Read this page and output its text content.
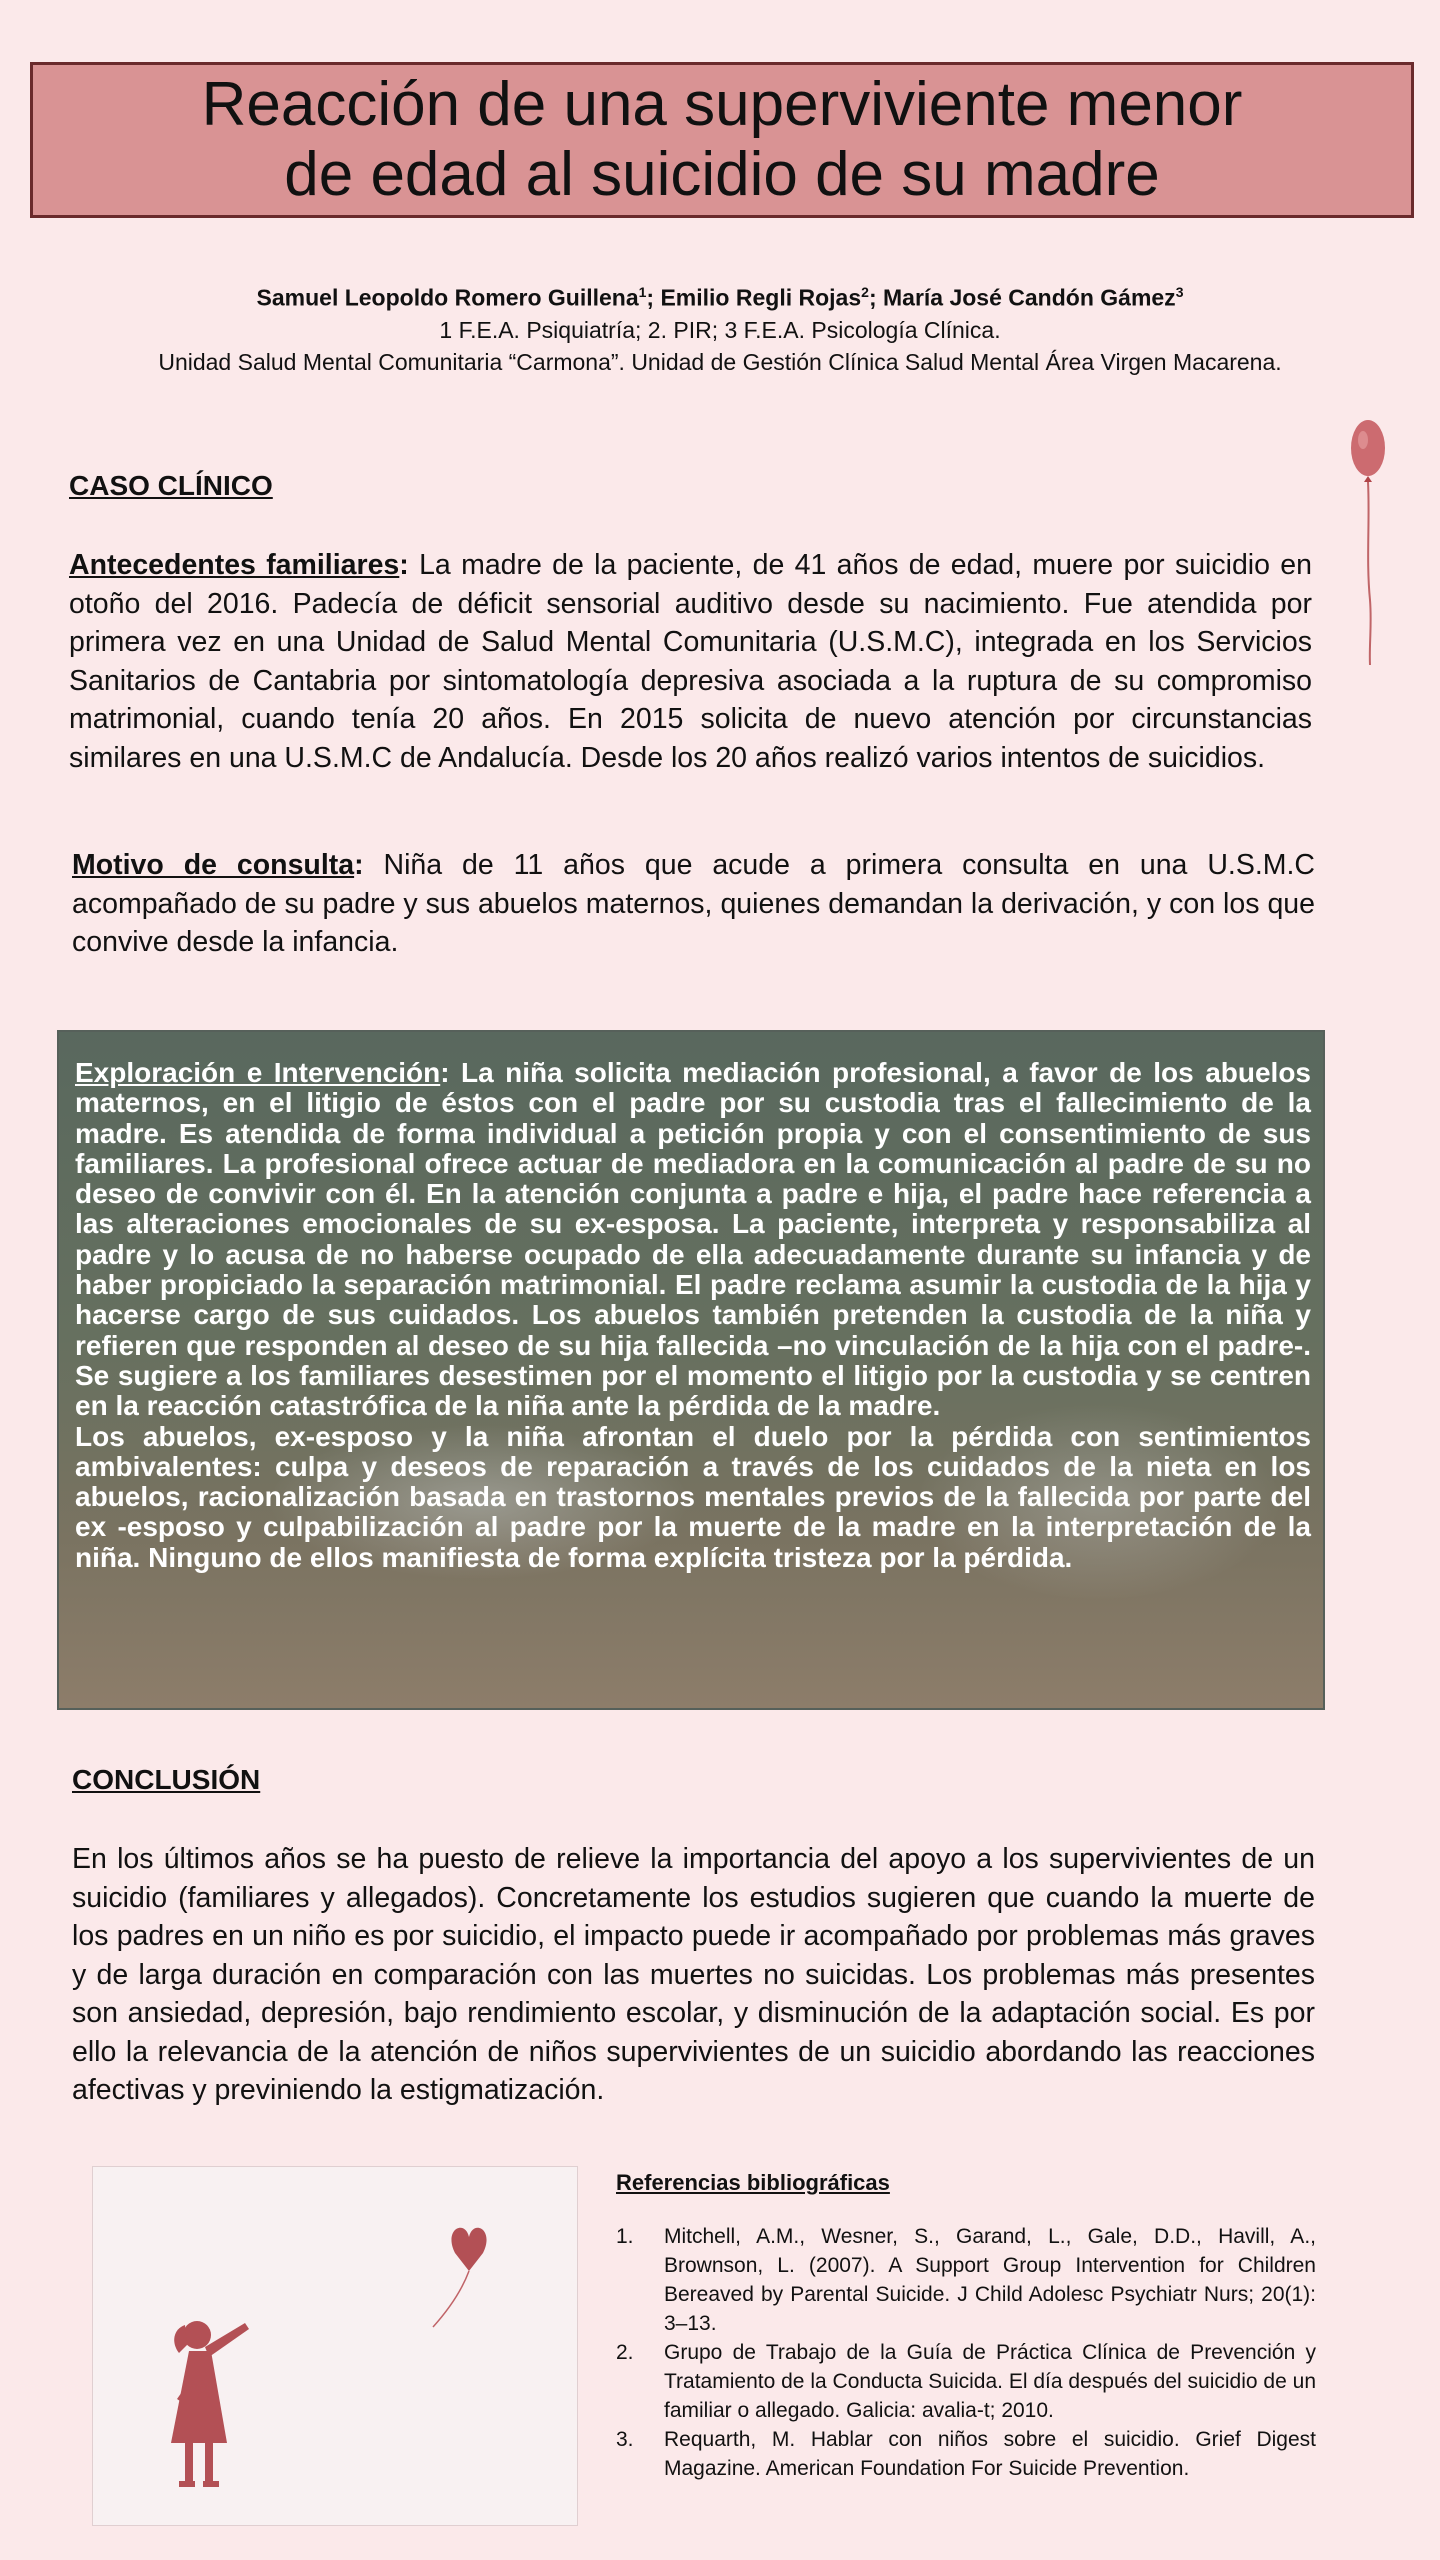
Reacción de una superviviente menor
de edad al suicidio de su madre
Samuel Leopoldo Romero Guillena$^1$; Emilio Regli Rojas$^2$; María José Candón Gámez$^3$
1 F.E.A. Psiquiatría; 2. PIR; 3 F.E.A. Psicología Clínica.
Unidad Salud Mental Comunitaria “Carmona”. Unidad de Gestión Clínica Salud Mental Área Virgen Macarena.
CASO CLÍNICO
Antecedentes familiares: La madre de la paciente, de 41 años de edad, muere por suicidio en otoño del 2016. Padecía de déficit sensorial auditivo desde su nacimiento. Fue atendida por primera vez en una Unidad de Salud Mental Comunitaria (U.S.M.C), integrada en los Servicios Sanitarios de Cantabria por sintomatología depresiva asociada a la ruptura de su compromiso matrimonial, cuando tenía 20 años. En 2015 solicita de nuevo atención por circunstancias similares en una U.S.M.C de Andalucía. Desde los 20 años realizó varios intentos de suicidios.
Motivo de consulta: Niña de 11 años que acude a primera consulta en una U.S.M.C acompañado de su padre y sus abuelos maternos, quienes demandan la derivación, y con los que convive desde la infancia.
Exploración e Intervención: La niña solicita mediación profesional, a favor de los abuelos maternos, en el litigio de éstos con el padre por su custodia tras el fallecimiento de la madre. Es atendida de forma individual a petición propia y con el consentimiento de sus familiares. La profesional ofrece actuar de mediadora en la comunicación al padre de su no deseo de convivir con él. En la atención conjunta a padre e hija, el padre hace referencia a las alteraciones emocionales de su ex-esposa. La paciente, interpreta y responsabiliza al padre y lo acusa de no haberse ocupado de ella adecuadamente durante su infancia y de haber propiciado la separación matrimonial. El padre reclama asumir la custodia de la hija y hacerse cargo de sus cuidados. Los abuelos también pretenden la custodia de la niña y refieren que responden al deseo de su hija fallecida –no vinculación de la hija con el padre-. Se sugiere a los familiares desestimen por el momento el litigio por la custodia y se centren en la reacción catastrófica de la niña ante la pérdida de la madre.
Los abuelos, ex-esposo y la niña afrontan el duelo por la pérdida con sentimientos ambivalentes: culpa y deseos de reparación a través de los cuidados de la nieta en los abuelos, racionalización basada en trastornos mentales previos de la fallecida por parte del ex -esposo y culpabilización al padre por la muerte de la madre en la interpretación de la niña. Ninguno de ellos manifiesta de forma explícita tristeza por la pérdida.
CONCLUSIÓN
En los últimos años se ha puesto de relieve la importancia del apoyo a los supervivientes de un suicidio (familiares y allegados). Concretamente los estudios sugieren que cuando la muerte de los padres en un niño es por suicidio, el impacto puede ir acompañado por problemas más graves y de larga duración en comparación con las muertes no suicidas. Los problemas más presentes son ansiedad, depresión, bajo rendimiento escolar, y disminución de la adaptación social. Es por ello la relevancia de la atención de niños supervivientes de un suicidio abordando las reacciones afectivas y previniendo la estigmatización.
Referencias bibliográficas
1.	Mitchell, A.M., Wesner, S., Garand, L., Gale, D.D., Havill, A., Brownson, L. (2007). A Support Group Intervention for Children Bereaved by Parental Suicide. J Child Adolesc Psychiatr Nurs; 20(1): 3–13.
2.	Grupo de Trabajo de la Guía de Práctica Clínica de Prevención y Tratamiento de la Conducta Suicida. El día después del suicidio de un familiar o allegado. Galicia: avalia-t; 2010.
3.	Requarth, M. Hablar con niños sobre el suicidio. Grief Digest Magazine. American Foundation For Suicide Prevention.
